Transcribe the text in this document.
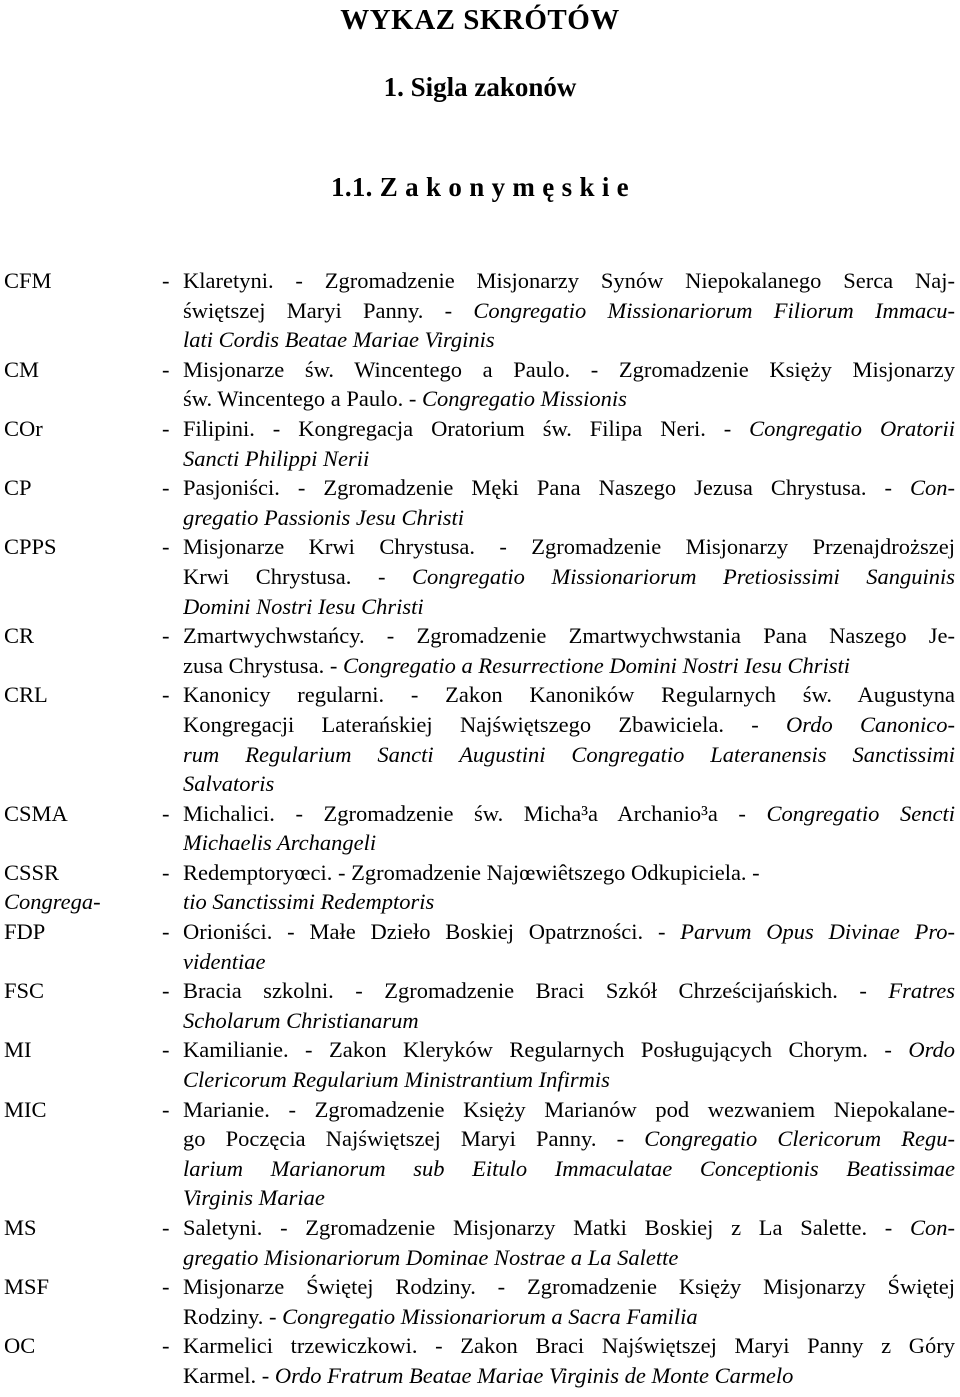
WYKAZ SKRÓTÓW
1. Sigla zakonów
1.1. Z a k o n y m ę s k i e
CFM	- Klaretyni. - Zgromadzenie Misjonarzy Synów Niepokalanego Serca Naj-
świętszej Maryi Panny. - Congregatio Missionariorum Filiorum Immacu-
lati Cordis Beatae Mariae Virginis
CM	- Misjonarze św. Wincentego a Paulo. - Zgromadzenie Księży Misjonarzy
św. Wincentego a Paulo. - Congregatio Missionis
COr	- Filipini. - Kongregacja Oratorium św. Filipa Neri. - Congregatio Oratorii
Sancti Philippi Nerii
CP	- Pasjoniści. - Zgromadzenie Męki Pana Naszego Jezusa Chrystusa. - Con-
gregatio Passionis Jesu Christi
CPPS	- Misjonarze Krwi Chrystusa. - Zgromadzenie Misjonarzy Przenajdroższej
Krwi Chrystusa. - Congregatio Missionariorum Pretiosissimi Sanguinis
Domini Nostri Iesu Christi
CR	- Zmartwychwstańcy. - Zgromadzenie Zmartwychwstania Pana Naszego Je-
zusa Chrystusa. - Congregatio a Resurrectione Domini Nostri Iesu Christi
CRL	- Kanonicy regularni. - Zakon Kanoników Regularnych św. Augustyna
Kongregacji Laterańskiej Najświętszego Zbawiciela. - Ordo Canonico-
rum Regularium Sancti Augustini Congregatio Lateranensis Sanctissimi
Salvatoris
CSMA	- Michalici. - Zgromadzenie św. Micha³a Archanio³a - Congregatio Sencti
Michaelis Archangeli
CSSR	- Redemptoryœci. - Zgromadzenie Najœwiêtszego Odkupiciela. -
Congrega-	tio Sanctissimi Redemptoris
FDP	- Orioniści. - Małe Dzieło Boskiej Opatrzności. - Parvum Opus Divinae Pro-
videntiae
FSC	- Bracia szkolni. - Zgromadzenie Braci Szkół Chrześcijańskich. - Fratres
Scholarum Christianarum
MI	- Kamilianie. - Zakon Kleryków Regularnych Posługujących Chorym. - Ordo
Clericorum Regularium Ministrantium Infirmis
MIC	- Marianie. - Zgromadzenie Księży Marianów pod wezwaniem Niepokalane-
go Poczęcia Najświętszej Maryi Panny. - Congregatio Clericorum Regu-
larium Marianorum sub Eitulo Immaculatae Conceptionis Beatissimae
Virginis Mariae
MS	- Saletyni. - Zgromadzenie Misjonarzy Matki Boskiej z La Salette. - Con-
gregatio Misionariorum Dominae Nostrae a La Salette
MSF	- Misjonarze Świętej Rodziny. - Zgromadzenie Księży Misjonarzy Świętej
Rodziny. - Congregatio Missionariorum a Sacra Familia
OC	- Karmelici trzewiczkowi. - Zakon Braci Najświętszej Maryi Panny z Góry
Karmel. - Ordo Fratrum Beatae Mariae Virginis de Monte Carmelo
